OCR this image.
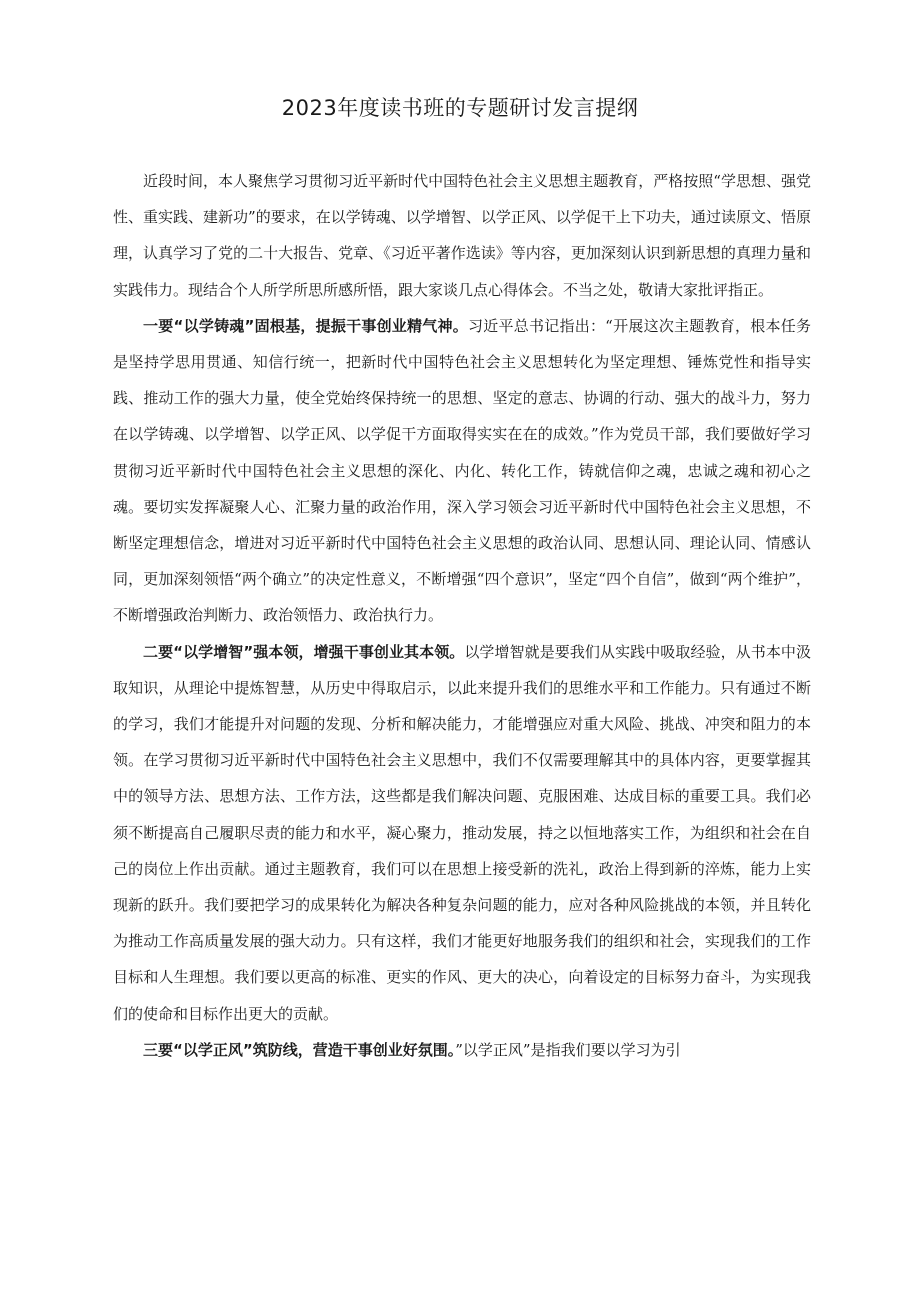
2023年度读书班的专题研讨发言提纲

近段时间，本人聚焦学习贯彻习近平新时代中国特色社会主义思想主题教育，严格按照“学思想、强党性、重实践、建新功”的要求，在以学铸魂、以学增智、以学正风、以学促干上下功夫，通过读原文、悟原理，认真学习了党的二十大报告、党章、《习近平著作选读》等内容，更加深刻认识到新思想的真理力量和实践伟力。现结合个人所学所思所感所悟，跟大家谈几点心得体会。不当之处，敬请大家批评指正。

一要“以学铸魂”固根基，提振干事创业精气神。习近平总书记指出：“开展这次主题教育，根本任务是坚持学思用贯通、知信行统一，把新时代中国特色社会主义思想转化为坚定理想、锤炼党性和指导实践、推动工作的强大力量，使全党始终保持统一的思想、坚定的意志、协调的行动、强大的战斗力，努力在以学铸魂、以学增智、以学正风、以学促干方面取得实实在在的成效。”作为党员干部，我们要做好学习贯彻习近平新时代中国特色社会主义思想的深化、内化、转化工作，铸就信仰之魂，忠诚之魂和初心之魂。要切实发挥凝聚人心、汇聚力量的政治作用，深入学习领会习近平新时代中国特色社会主义思想，不断坚定理想信念，增进对习近平新时代中国特色社会主义思想的政治认同、思想认同、理论认同、情感认同，更加深刻领悟“两个确立”的决定性意义，不断增强“四个意识”，坚定“四个自信”，做到“两个维护”，不断增强政治判断力、政治领悟力、政治执行力。

二要“以学增智”强本领，增强干事创业其本领。以学增智就是要我们从实践中吸取经验，从书本中汲取知识，从理论中提炼智慧，从历史中得取启示，以此来提升我们的思维水平和工作能力。只有通过不断的学习，我们才能提升对问题的发现、分析和解决能力，才能增强应对重大风险、挑战、冲突和阻力的本领。在学习贯彻习近平新时代中国特色社会主义思想中，我们不仅需要理解其中的具体内容，更要掌握其中的领导方法、思想方法、工作方法，这些都是我们解决问题、克服困难、达成目标的重要工具。我们必须不断提高自己履职尽责的能力和水平，凝心聚力，推动发展，持之以恒地落实工作，为组织和社会在自己的岗位上作出贡献。通过主题教育，我们可以在思想上接受新的洗礼，政治上得到新的淬炼，能力上实现新的跃升。我们要把学习的成果转化为解决各种复杂问题的能力，应对各种风险挑战的本领，并且转化为推动工作高质量发展的强大动力。只有这样，我们才能更好地服务我们的组织和社会，实现我们的工作目标和人生理想。我们要以更高的标准、更实的作风、更大的决心，向着设定的目标努力奋斗，为实现我们的使命和目标作出更大的贡献。

三要“以学正风”筑防线，营造干事创业好氛围。”以学正风”是指我们要以学习为引
